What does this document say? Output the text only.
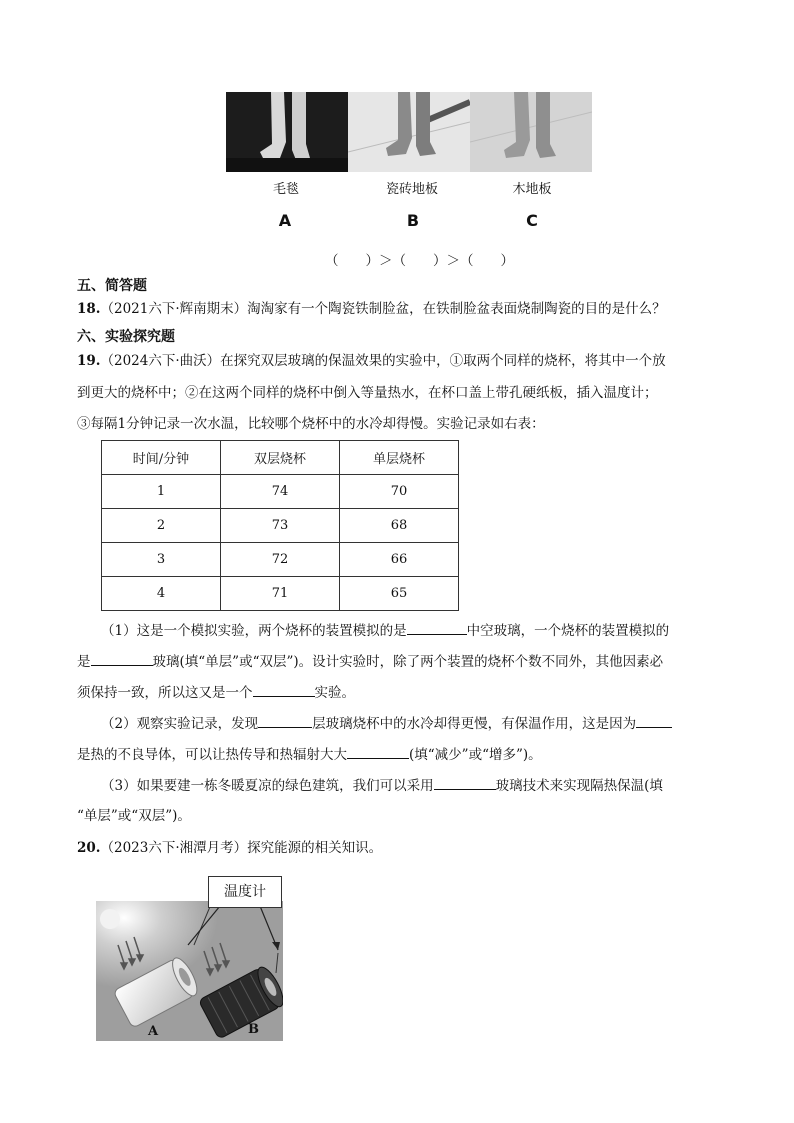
毛毯	瓷砖地板	木地板
A	B	C
（　　）＞（　　）＞（　　）
五、简答题
18.（2021六下·辉南期末）淘淘家有一个陶瓷铁制脸盆，在铁制脸盆表面烧制陶瓷的目的是什么？
六、实验探究题
19.（2024六下·曲沃）在探究双层玻璃的保温效果的实验中，①取两个同样的烧杯，将其中一个放
到更大的烧杯中；②在这两个同样的烧杯中倒入等量热水，在杯口盖上带孔硬纸板，插入温度计；
③每隔1分钟记录一次水温，比较哪个烧杯中的水冷却得慢。实验记录如右表：
时间/分钟	双层烧杯	单层烧杯
1	74	70
2	73	68
3	72	66
4	71	65
（1）这是一个模拟实验，两个烧杯的装置模拟的是	中空玻璃，一个烧杯的装置模拟的
是	玻璃(填“单层”或“双层”)。设计实验时，除了两个装置的烧杯个数不同外，其他因素必
须保持一致，所以这又是一个	实验。
（2）观察实验记录，发现	层玻璃烧杯中的水冷却得更慢，有保温作用，这是因为
是热的不良导体，可以让热传导和热辐射大大	(填“减少”或“增多”)。
（3）如果要建一栋冬暖夏凉的绿色建筑，我们可以采用	玻璃技术来实现隔热保温(填
“单层”或“双层”)。
20.（2023六下·湘潭月考）探究能源的相关知识。
A	B
温度计
